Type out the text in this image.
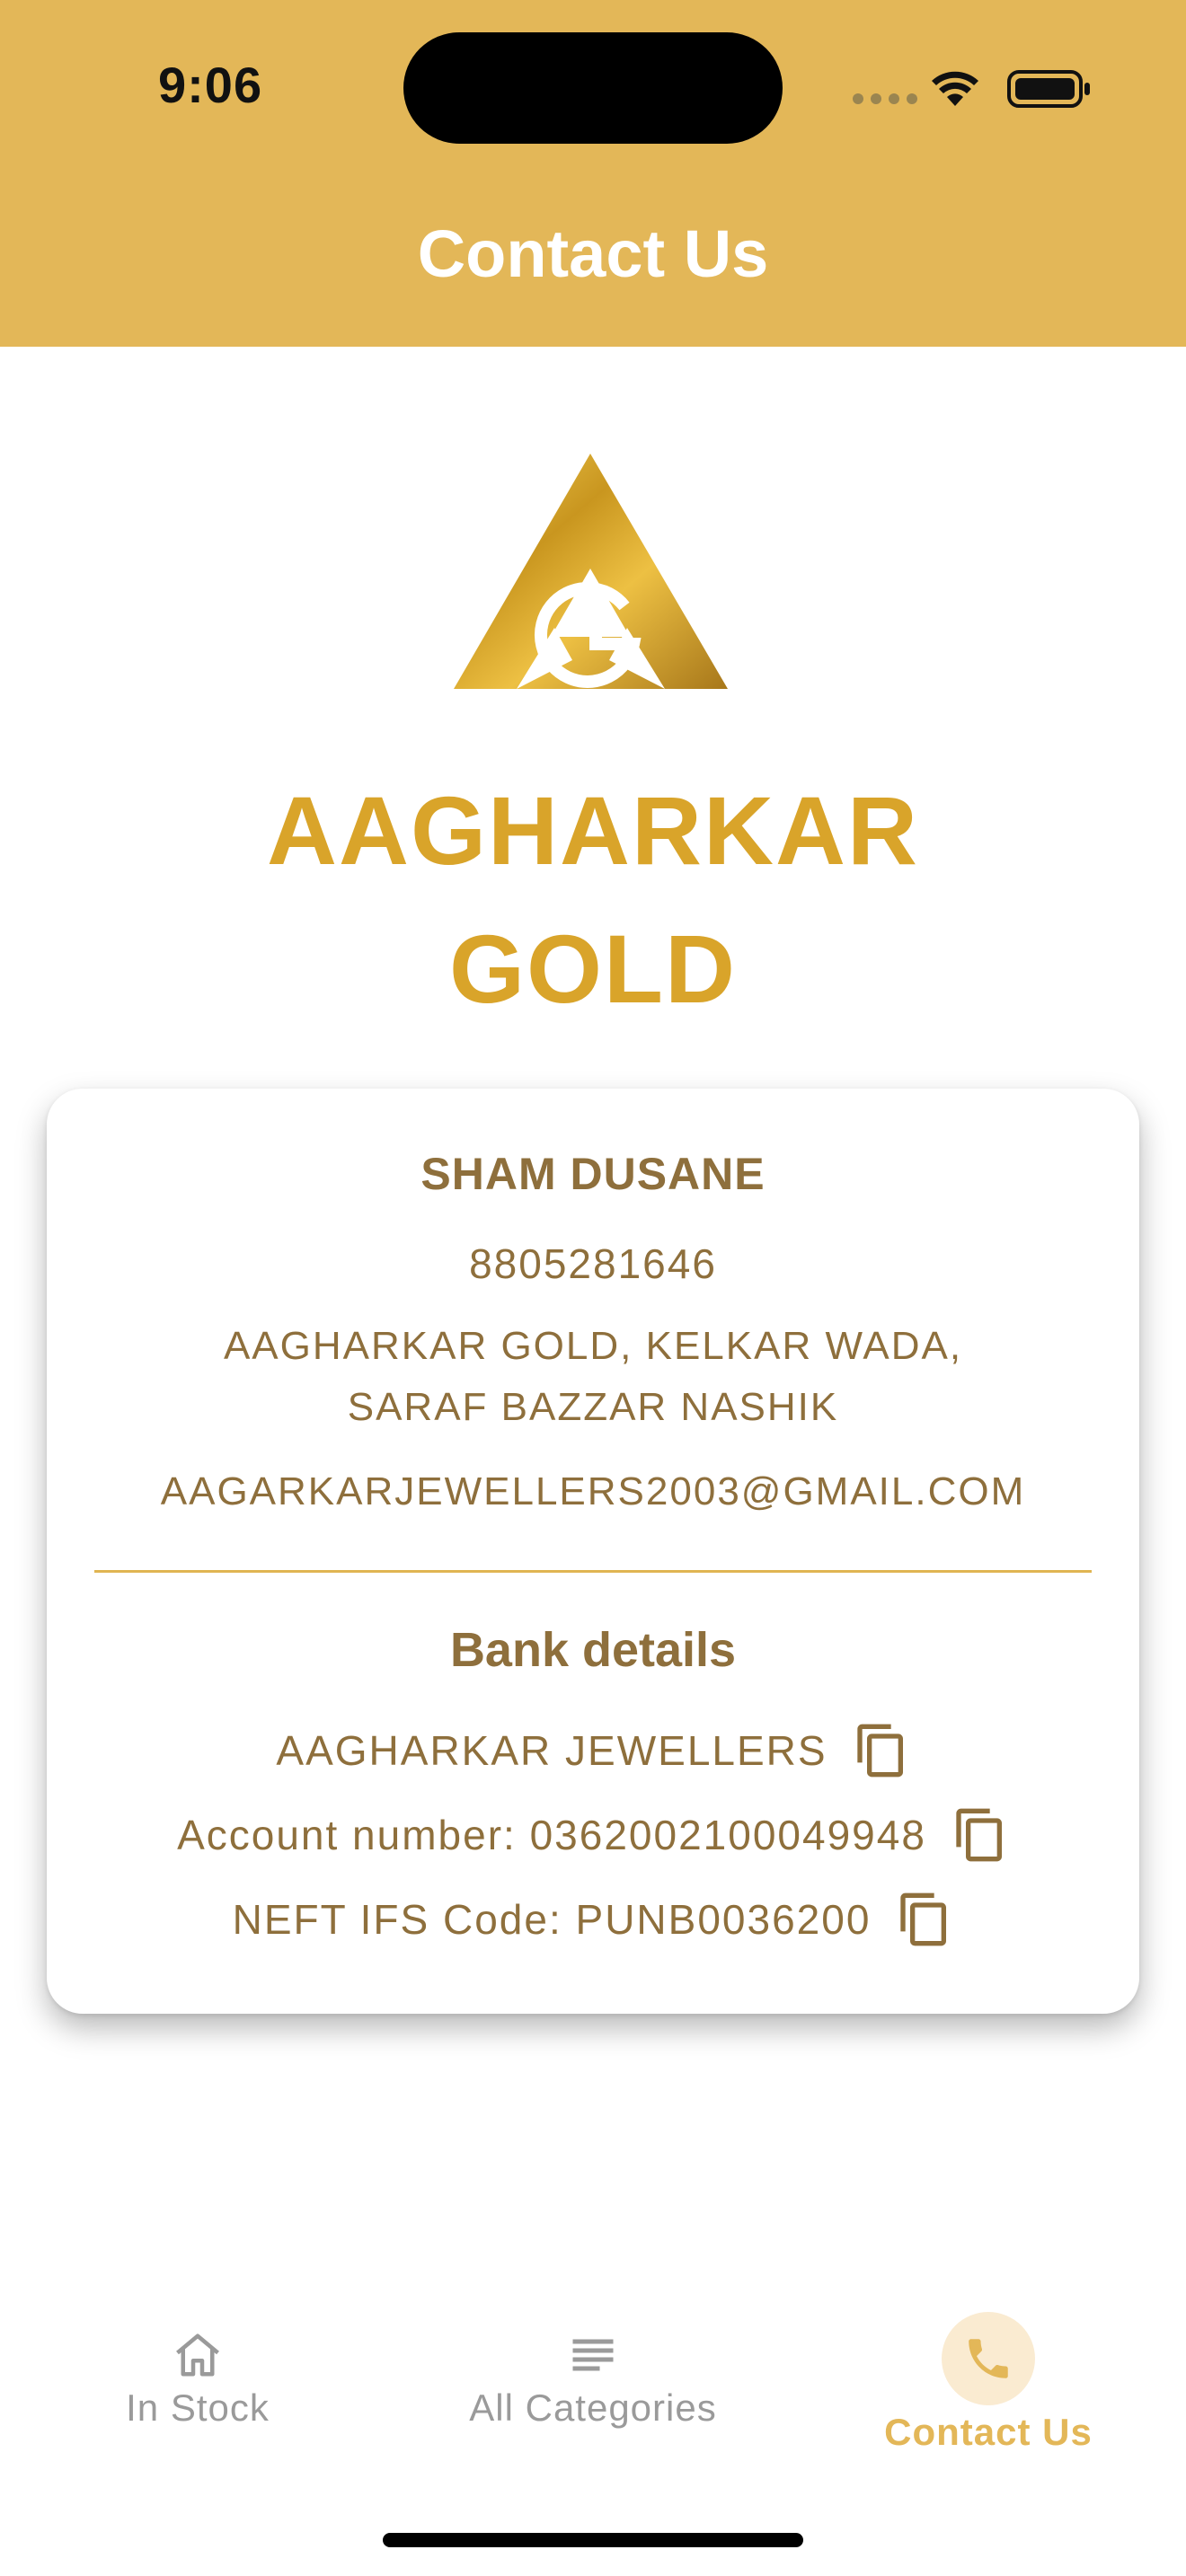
9:06
Contact Us
AAGHARKAR
GOLD
SHAM DUSANE
8805281646
AAGHARKAR GOLD, KELKAR WADA,
SARAF BAZZAR NASHIK
AAGARKARJEWELLERS2003@GMAIL.COM
Bank details
AAGHARKAR JEWELLERS
Account number: 0362002100049948
NEFT IFS Code: PUNB0036200
In Stock	All Categories
Contact Us
